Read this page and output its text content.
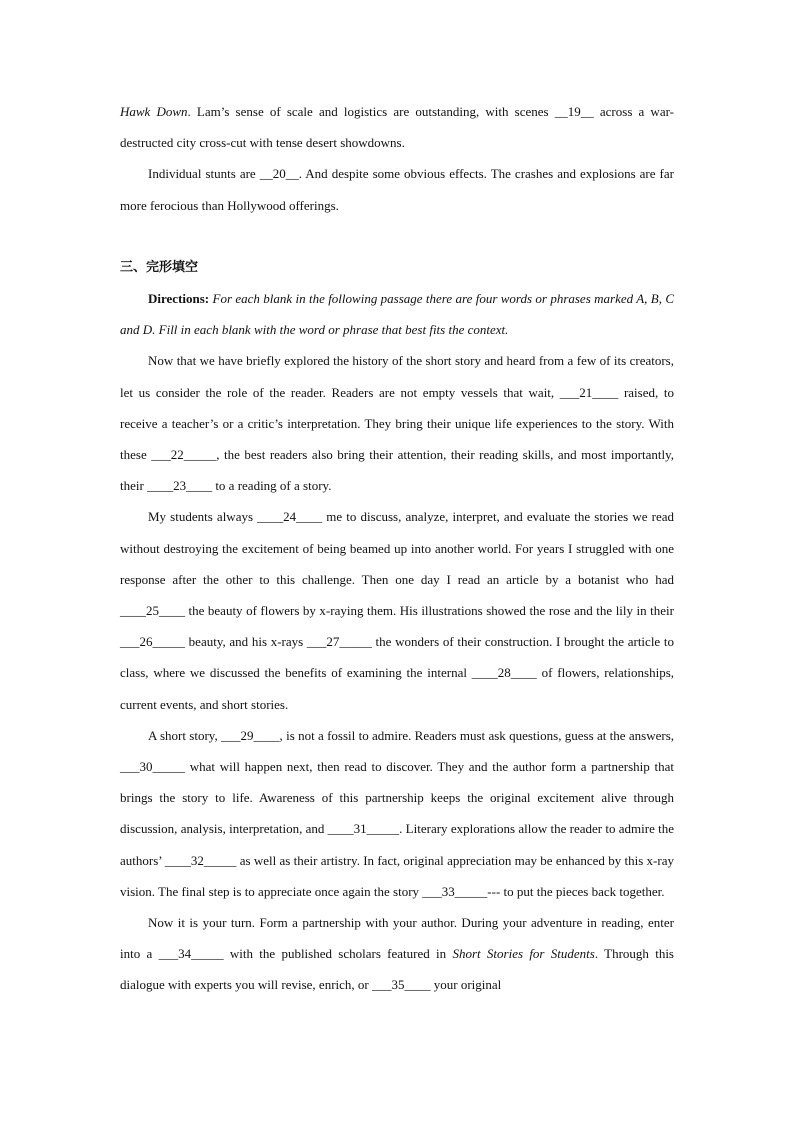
Hawk Down. Lam’s sense of scale and logistics are outstanding, with scenes __19__ across a war-destructed city cross-cut with tense desert showdowns.

Individual stunts are __20__. And despite some obvious effects. The crashes and explosions are far more ferocious than Hollywood offerings.

三、完形填空

Directions: For each blank in the following passage there are four words or phrases marked A, B, C and D. Fill in each blank with the word or phrase that best fits the context.

Now that we have briefly explored the history of the short story and heard from a few of its creators, let us consider the role of the reader. Readers are not empty vessels that wait, ___21____ raised, to receive a teacher’s or a critic’s interpretation. They bring their unique life experiences to the story. With these ___22_____, the best readers also bring their attention, their reading skills, and most importantly, their ____23____ to a reading of a story.

My students always ____24____ me to discuss, analyze, interpret, and evaluate the stories we read without destroying the excitement of being beamed up into another world. For years I struggled with one response after the other to this challenge. Then one day I read an article by a botanist who had ____25____ the beauty of flowers by x-raying them. His illustrations showed the rose and the lily in their ___26_____ beauty, and his x-rays ___27_____ the wonders of their construction. I brought the article to class, where we discussed the benefits of examining the internal ____28____ of flowers, relationships, current events, and short stories.

A short story, ___29____, is not a fossil to admire. Readers must ask questions, guess at the answers, ___30_____ what will happen next, then read to discover. They and the author form a partnership that brings the story to life. Awareness of this partnership keeps the original excitement alive through discussion, analysis, interpretation, and ____31_____. Literary explorations allow the reader to admire the authors’ ____32_____ as well as their artistry. In fact, original appreciation may be enhanced by this x-ray vision. The final step is to appreciate once again the story ___33_____--- to put the pieces back together.

Now it is your turn. Form a partnership with your author. During your adventure in reading, enter into a ___34_____ with the published scholars featured in Short Stories for Students. Through this dialogue with experts you will revise, enrich, or ___35____ your original
